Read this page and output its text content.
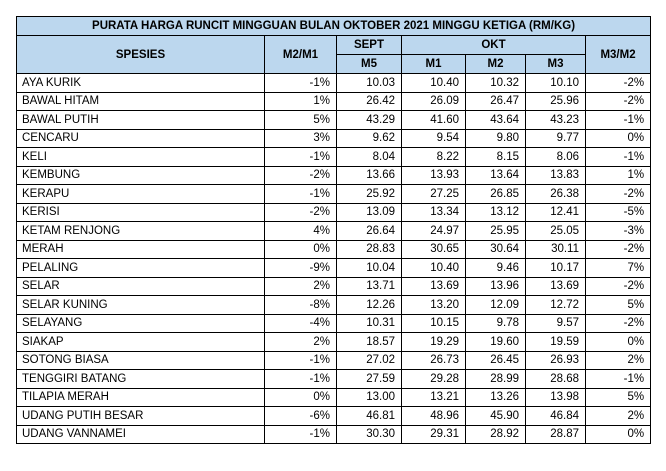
PURATA HARGA RUNCIT MINGGUAN BULAN OKTOBER 2021 MINGGU KETIGA (RM/KG)						
SPESIES	M2/M1	SEPT	OKT			M3/M2
		M5	M1	M2	M3	
AYA KURIK	-1%	10.03	10.40	10.32	10.10	-2%
BAWAL HITAM	1%	26.42	26.09	26.47	25.96	-2%
BAWAL PUTIH	5%	43.29	41.60	43.64	43.23	-1%
CENCARU	3%	9.62	9.54	9.80	9.77	0%
KELI	-1%	8.04	8.22	8.15	8.06	-1%
KEMBUNG	-2%	13.66	13.93	13.64	13.83	1%
KERAPU	-1%	25.92	27.25	26.85	26.38	-2%
KERISI	-2%	13.09	13.34	13.12	12.41	-5%
KETAM RENJONG	4%	26.64	24.97	25.95	25.05	-3%
MERAH	0%	28.83	30.65	30.64	30.11	-2%
PELALING	-9%	10.04	10.40	9.46	10.17	7%
SELAR	2%	13.71	13.69	13.96	13.69	-2%
SELAR KUNING	-8%	12.26	13.20	12.09	12.72	5%
SELAYANG	-4%	10.31	10.15	9.78	9.57	-2%
SIAKAP	2%	18.57	19.29	19.60	19.59	0%
SOTONG BIASA	-1%	27.02	26.73	26.45	26.93	2%
TENGGIRI BATANG	-1%	27.59	29.28	28.99	28.68	-1%
TILAPIA MERAH	0%	13.00	13.21	13.26	13.98	5%
UDANG PUTIH BESAR	-6%	46.81	48.96	45.90	46.84	2%
UDANG VANNAMEI	-1%	30.30	29.31	28.92	28.87	0%
